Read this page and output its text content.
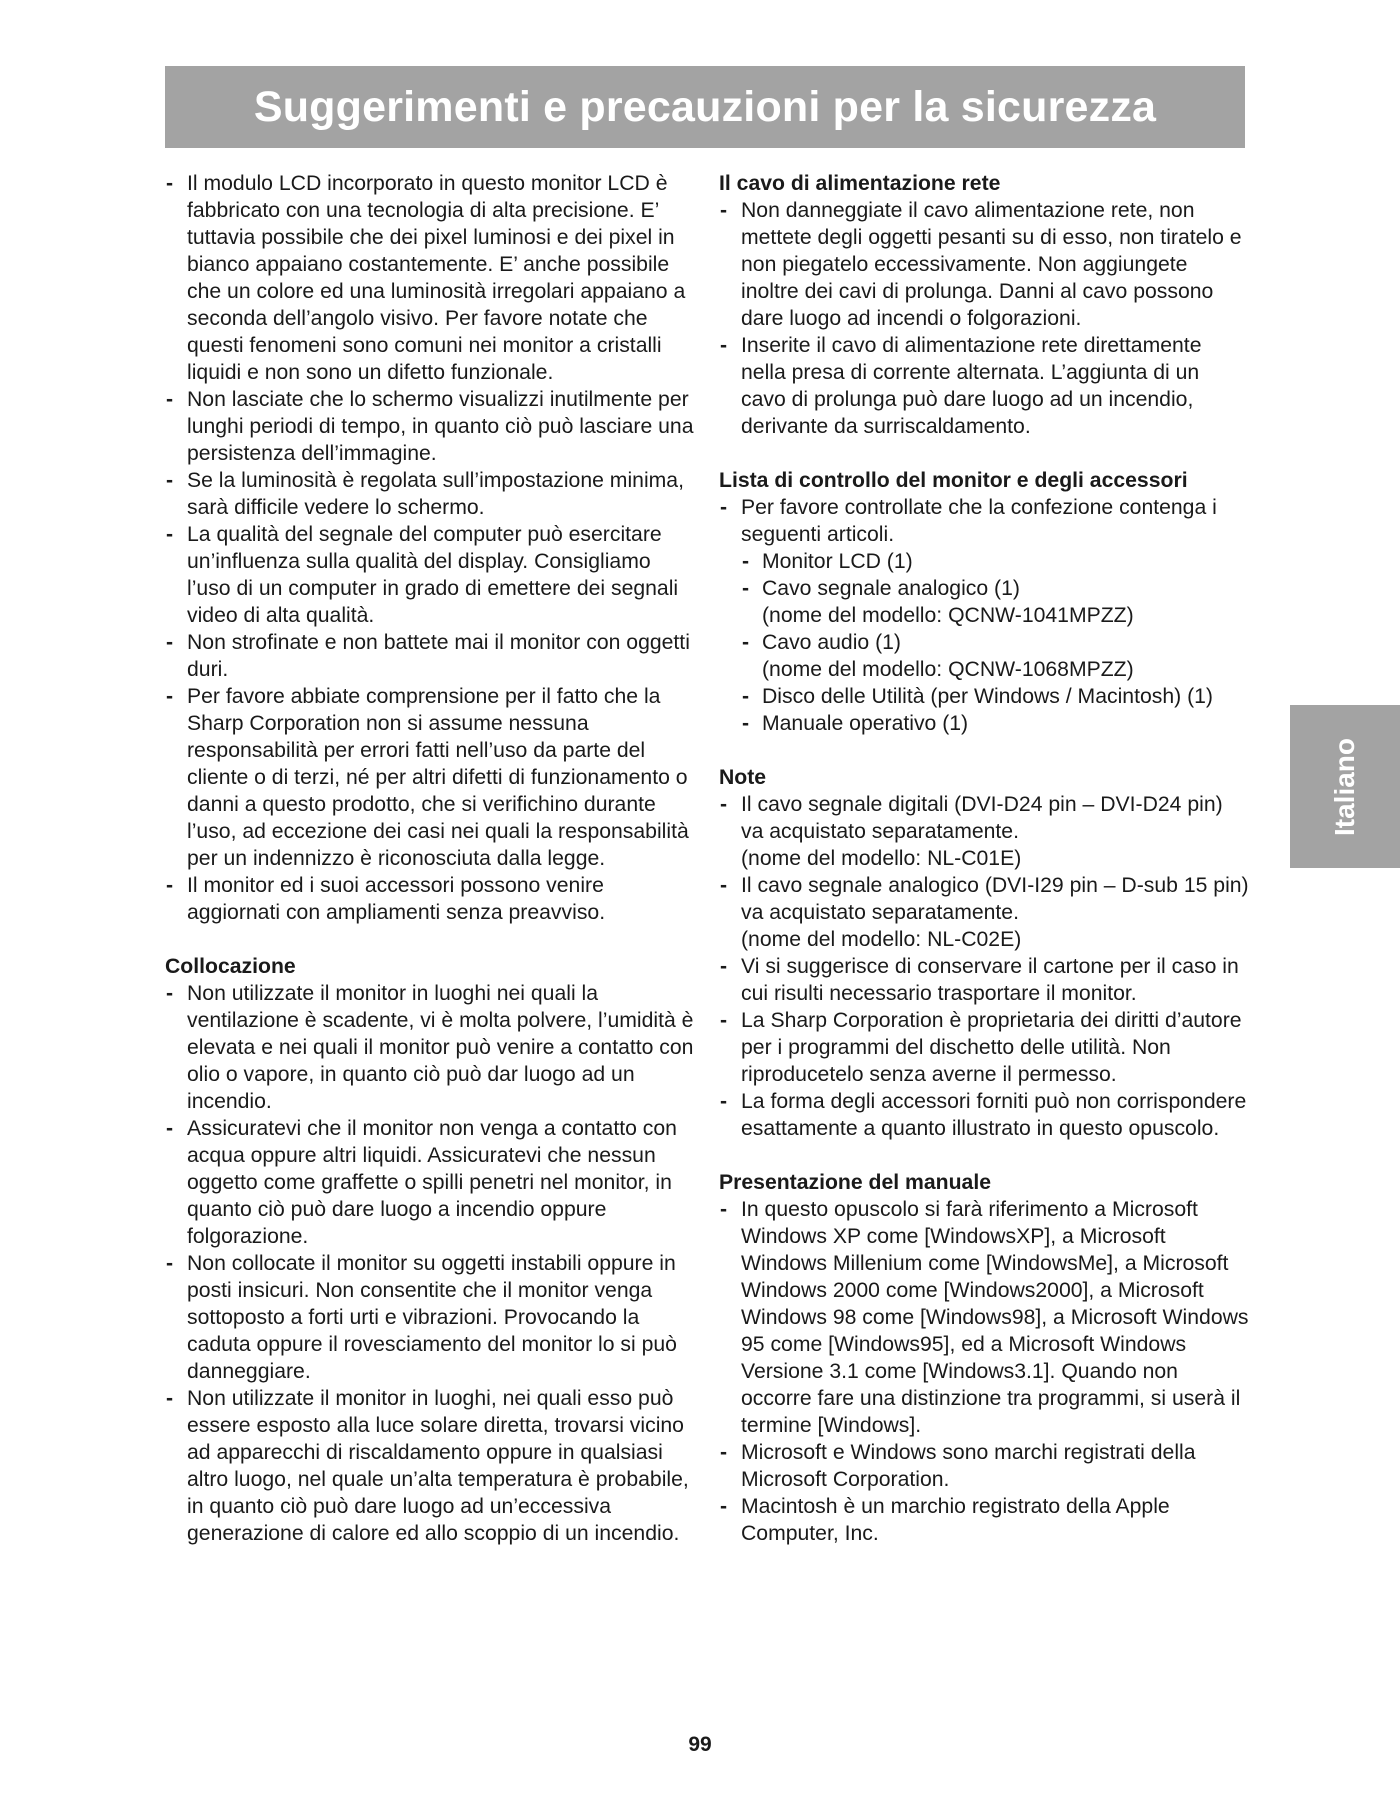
Suggerimenti e precauzioni per la sicurezza
- Il modulo LCD incorporato in questo monitor LCD è fabbricato con una tecnologia di alta precisione. E’ tuttavia possibile che dei pixel luminosi e dei pixel in bianco appaiano costantemente. E’ anche possibile che un colore ed una luminosità irregolari appaiano a seconda dell’angolo visivo. Per favore notate che questi fenomeni sono comuni nei monitor a cristalli liquidi e non sono un difetto funzionale.
- Non lasciate che lo schermo visualizzi inutilmente per lunghi periodi di tempo, in quanto ciò può lasciare una persistenza dell’immagine.
- Se la luminosità è regolata sull’impostazione minima, sarà difficile vedere lo schermo.
- La qualità del segnale del computer può esercitare un’influenza sulla qualità del display. Consigliamo l’uso di un computer in grado di emettere dei segnali video di alta qualità.
- Non strofinate e non battete mai il monitor con oggetti duri.
- Per favore abbiate comprensione per il fatto che la Sharp Corporation non si assume nessuna responsabilità per errori fatti nell’uso da parte del cliente o di terzi, né per altri difetti di funzionamento o danni a questo prodotto, che si verifichino durante l’uso, ad eccezione dei casi nei quali la responsabilità per un indennizzo è riconosciuta dalla legge.
- Il monitor ed i suoi accessori possono venire aggiornati con ampliamenti senza preavviso.
Collocazione
- Non utilizzate il monitor in luoghi nei quali la ventilazione è scadente, vi è molta polvere, l’umidità è elevata e nei quali il monitor può venire a contatto con olio o vapore, in quanto ciò può dar luogo ad un incendio.
- Assicuratevi che il monitor non venga a contatto con acqua oppure altri liquidi. Assicuratevi che nessun oggetto come graffette o spilli penetri nel monitor, in quanto ciò può dare luogo a incendio oppure folgorazione.
- Non collocate il monitor su oggetti instabili oppure in posti insicuri. Non consentite che il monitor venga sottoposto a forti urti e vibrazioni. Provocando la caduta oppure il rovesciamento del monitor lo si può danneggiare.
- Non utilizzate il monitor in luoghi, nei quali esso può essere esposto alla luce solare diretta, trovarsi vicino ad apparecchi di riscaldamento oppure in qualsiasi altro luogo, nel quale un’alta temperatura è probabile, in quanto ciò può dare luogo ad un’eccessiva generazione di calore ed allo scoppio di un incendio.
Il cavo di alimentazione rete
- Non danneggiate il cavo alimentazione rete, non mettete degli oggetti pesanti su di esso, non tiratelo e non piegatelo eccessivamente. Non aggiungete inoltre dei cavi di prolunga. Danni al cavo possono dare luogo ad incendi o folgorazioni.
- Inserite il cavo di alimentazione rete direttamente nella presa di corrente alternata. L’aggiunta di un cavo di prolunga può dare luogo ad un incendio, derivante da surriscaldamento.
Lista di controllo del monitor e degli accessori
- Per favore controllate che la confezione contenga i seguenti articoli.
- Monitor LCD (1)
- Cavo segnale analogico (1)
(nome del modello: QCNW-1041MPZZ)
- Cavo audio (1)
(nome del modello: QCNW-1068MPZZ)
- Disco delle Utilità (per Windows / Macintosh) (1)
- Manuale operativo (1)
Note
- Il cavo segnale digitali (DVI-D24 pin – DVI-D24 pin) va acquistato separatamente.
(nome del modello: NL-C01E)
- Il cavo segnale analogico (DVI-I29 pin – D-sub 15 pin) va acquistato separatamente.
(nome del modello: NL-C02E)
- Vi si suggerisce di conservare il cartone per il caso in cui risulti necessario trasportare il monitor.
- La Sharp Corporation è proprietaria dei diritti d’autore per i programmi del dischetto delle utilità. Non riproducetelo senza averne il permesso.
- La forma degli accessori forniti può non corrispondere esattamente a quanto illustrato in questo opuscolo.
Presentazione del manuale
- In questo opuscolo si farà riferimento a Microsoft Windows XP come [WindowsXP], a Microsoft Windows Millenium come [WindowsMe], a Microsoft Windows 2000 come [Windows2000], a Microsoft Windows 98 come [Windows98], a Microsoft Windows 95 come [Windows95], ed a Microsoft Windows Versione 3.1 come [Windows3.1]. Quando non occorre fare una distinzione tra programmi, si userà il termine [Windows].
- Microsoft e Windows sono marchi registrati della Microsoft Corporation.
- Macintosh è un marchio registrato della Apple Computer, Inc.
Italiano
99
